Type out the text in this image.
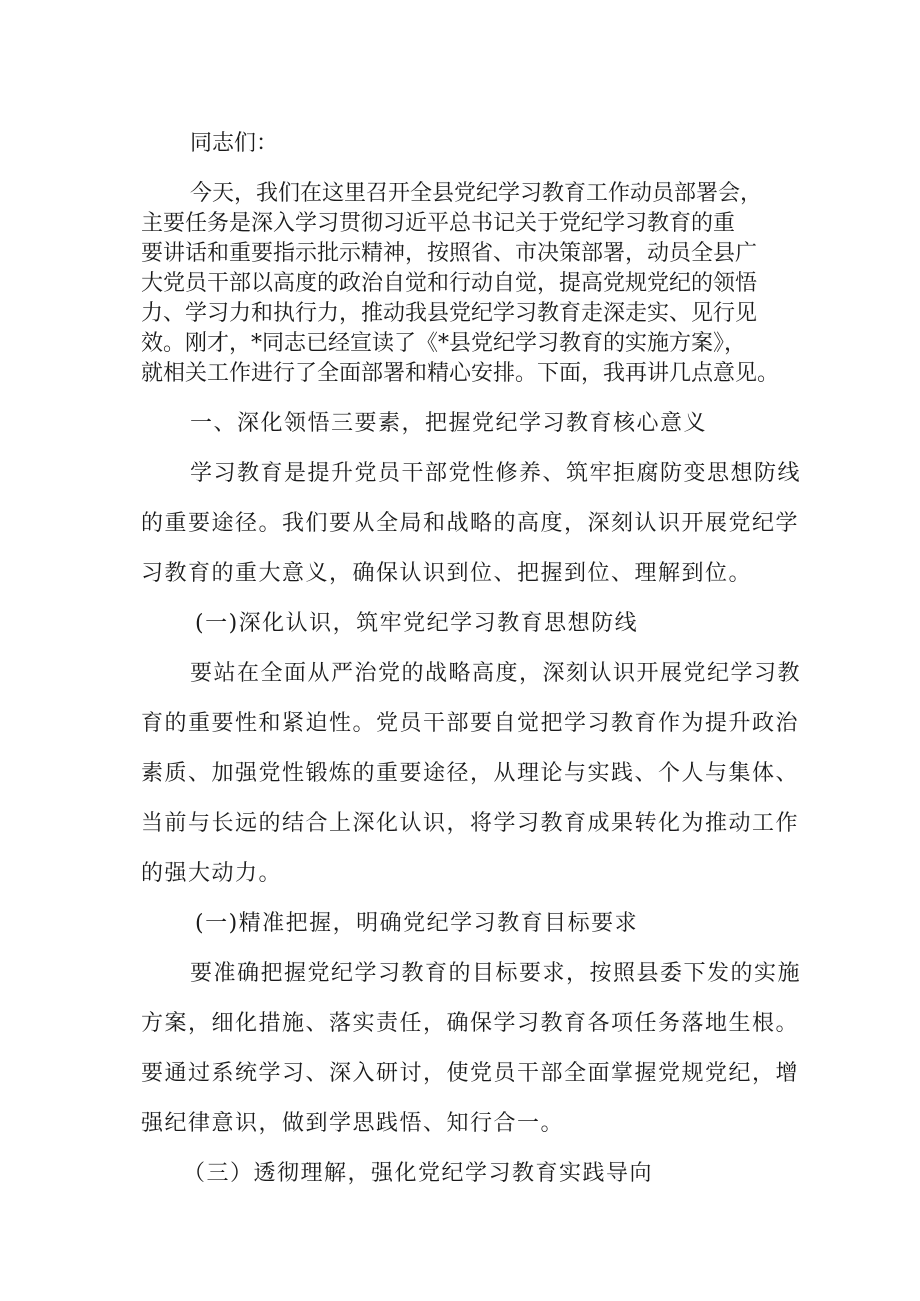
同志们：

今天，我们在这里召开全县党纪学习教育工作动员部署会，

主要任务是深入学习贯彻习近平总书记关于党纪学习教育的重

要讲话和重要指示批示精神，按照省、市决策部署，动员全县广

大党员干部以高度的政治自觉和行动自觉，提高党规党纪的领悟

力、学习力和执行力，推动我县党纪学习教育走深走实、见行见

效。刚才，*同志已经宣读了《*县党纪学习教育的实施方案》，

就相关工作进行了全面部署和精心安排。下面，我再讲几点意见。

一、深化领悟三要素，把握党纪学习教育核心意义

学习教育是提升党员干部党性修养、筑牢拒腐防变思想防线

的重要途径。我们要从全局和战略的高度，深刻认识开展党纪学

习教育的重大意义，确保认识到位、把握到位、理解到位。

(一)深化认识，筑牢党纪学习教育思想防线

要站在全面从严治党的战略高度，深刻认识开展党纪学习教

育的重要性和紧迫性。党员干部要自觉把学习教育作为提升政治

素质、加强党性锻炼的重要途径，从理论与实践、个人与集体、

当前与长远的结合上深化认识，将学习教育成果转化为推动工作

的强大动力。

(一)精准把握，明确党纪学习教育目标要求

要准确把握党纪学习教育的目标要求，按照县委下发的实施

方案，细化措施、落实责任，确保学习教育各项任务落地生根。

要通过系统学习、深入研讨，使党员干部全面掌握党规党纪，增

强纪律意识，做到学思践悟、知行合一。

（三）透彻理解，强化党纪学习教育实践导向
